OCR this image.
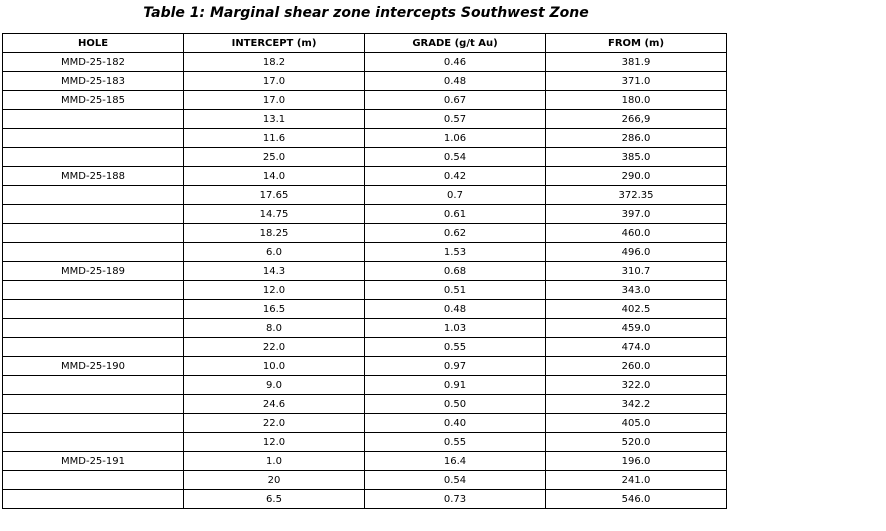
Table 1: Marginal shear zone intercepts Southwest Zone
HOLE	INTERCEPT (m)	GRADE (g/t Au)	FROM (m)
MMD-25-182	18.2	0.46	381.9
MMD-25-183	17.0	0.48	371.0
MMD-25-185	17.0	0.67	180.0
	13.1	0.57	266,9
	11.6	1.06	286.0
	25.0	0.54	385.0
MMD-25-188	14.0	0.42	290.0
	17.65	0.7	372.35
	14.75	0.61	397.0
	18.25	0.62	460.0
	6.0	1.53	496.0
MMD-25-189	14.3	0.68	310.7
	12.0	0.51	343.0
	16.5	0.48	402.5
	8.0	1.03	459.0
	22.0	0.55	474.0
MMD-25-190	10.0	0.97	260.0
	9.0	0.91	322.0
	24.6	0.50	342.2
	22.0	0.40	405.0
	12.0	0.55	520.0
MMD-25-191	1.0	16.4	196.0
	20	0.54	241.0
	6.5	0.73	546.0
